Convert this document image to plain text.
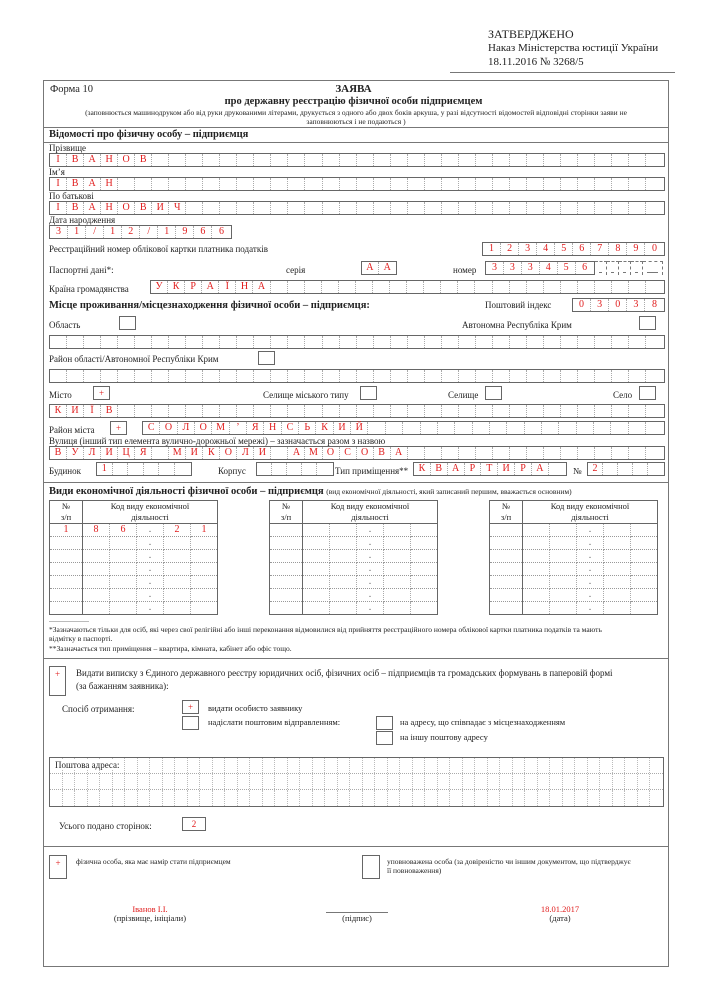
ЗАТВЕРДЖЕНО
Наказ Міністерства юстиції України
18.11.2016 № 3268/5
Форма 10	ЗАЯВА
про державну реєстрацію фізичної особи підприємцем
(заповнюється машинодруком або від руки друкованими літерами, друкується з одного або двох боків аркуша, у разі відсутності відомостей відповідні сторінки заяви не
заповнюються і не подаються )
Відомості про фізичну особу – підприємця
Прізвище
І	В	А Н О	В
Ім’я
І	В	А Н
По батькові
І	В	А Н О	В	И	Ч
Дата народження
3	1	/	1	2	/	1	9	6	6
Реєстраційний номер облікової картки платника податків	1	2	3	4	5	6	7	8	9	0
Паспортні дані*:	серія	А	А	номер	3	3	3	4	5	6
Країна громадянства	У	К	Р	А	Ї	Н А
Місце проживання/місцезнаходження фізичної особи – підприємця:	Поштовий індекс	0	3	0	3	8
Область	Автономна Республіка Крим
Район області/Автономної Республіки Крим
Місто	+	Селище міського типу	Селище	Село
К	И	Ї	В
Район міста	+	С	О	Л	О М	’	Я	Н	С	Ь	К	И	Й
Вулиця (інший тип елемента вулично-дорожньої мережі) – зазначається разом з назвою
В	У	Л	И Ц	Я	М И	К	О	Л	И	А М О	С	О	В	А
Будинок	1	Корпус	Тип приміщення**	К	В А	Р	Т	И	Р	А	№	2
Види економічної діяльності фізичної особи – підприємця (вид економічної діяльності, який записаний першим, вважається основним)
№
з/п

Код виду економічної
діяльності

1	8	6	.	2	1
			.		
			.		
			.		
			.		
			.		
			.		
№
з/п

Код виду економічної
діяльності

			.		
			.		
			.		
			.		
			.		
			.		
			.		
№
з/п

Код виду економічної
діяльності

			.		
			.		
			.		
			.		
			.		
			.		
			.		
*Зазначаються тільки для осіб, які через свої релігійні або інші переконання відмовилися від прийняття реєстраційного номера облікової картки платника податків та мають
відмітку в паспорті.
**Зазначається тип приміщення – квартира, кімната, кабінет або офіс тощо.
+	Видати виписку з Єдиного державного реєстру юридичних осіб, фізичних осіб – підприємців та громадських формувань в паперовій формі
(за бажанням заявника):
Спосіб отримання:	+	видати особисто заявнику
надіслати поштовим відправленням:	на адресу, що співпадає з місцезнаходженням
на іншу поштову адресу
Поштова адреса:
Усього подано сторінок:	2
+	фізична особа, яка має намір стати підприємцем	уповноважена особа (за довіреністю чи іншим документом, що підтверджує
її повноваження)
Іванов І.І.
(прізвище, ініціали)	(підпис)
18.01.2017
(дата)
